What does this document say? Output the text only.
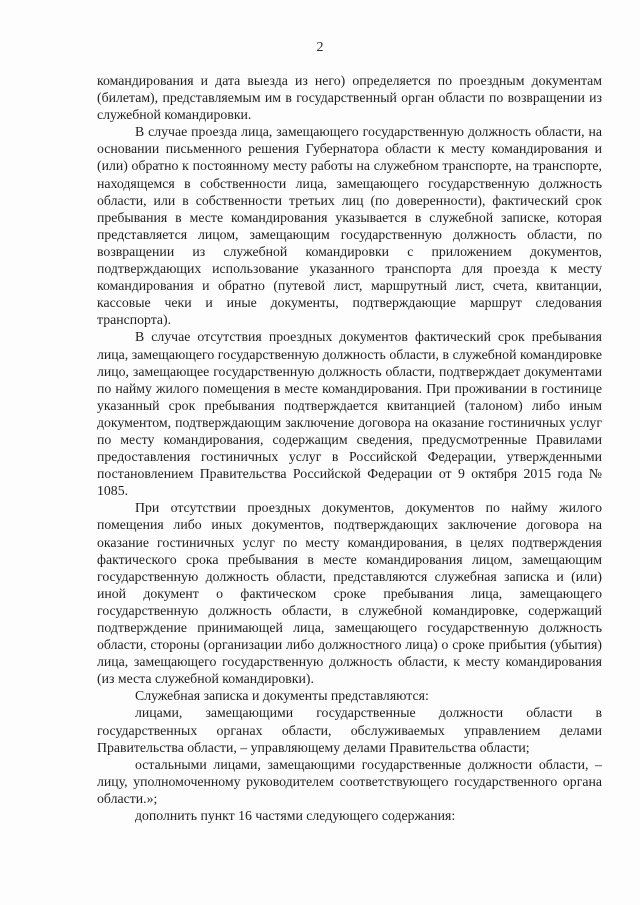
2

командирования и дата выезда из него) определяется по проездным документам (билетам), представляемым им в государственный орган области по возвращении из служебной командировки.

В случае проезда лица, замещающего государственную должность области, на основании письменного решения Губернатора области к месту командирования и (или) обратно к постоянному месту работы на служебном транспорте, на транспорте, находящемся в собственности лица, замещающего государственную должность области, или в собственности третьих лиц (по доверенности), фактический срок пребывания в месте командирования указывается в служебной записке, которая представляется лицом, замещающим государственную должность области, по возвращении из служебной командировки с приложением документов, подтверждающих использование указанного транспорта для проезда к месту командирования и обратно (путевой лист, маршрутный лист, счета, квитанции, кассовые чеки и иные документы, подтверждающие маршрут следования транспорта).

В случае отсутствия проездных документов фактический срок пребывания лица, замещающего государственную должность области, в служебной командировке лицо, замещающее государственную должность области, подтверждает документами по найму жилого помещения в месте командирования. При проживании в гостинице указанный срок пребывания подтверждается квитанцией (талоном) либо иным документом, подтверждающим заключение договора на оказание гостиничных услуг по месту командирования, содержащим сведения, предусмотренные Правилами предоставления гостиничных услуг в Российской Федерации, утвержденными постановлением Правительства Российской Федерации от 9 октября 2015 года № 1085.

При отсутствии проездных документов, документов по найму жилого помещения либо иных документов, подтверждающих заключение договора на оказание гостиничных услуг по месту командирования, в целях подтверждения фактического срока пребывания в месте командирования лицом, замещающим государственную должность области, представляются служебная записка и (или) иной документ о фактическом сроке пребывания лица, замещающего государственную должность области, в служебной командировке, содержащий подтверждение принимающей лица, замещающего государственную должность области, стороны (организации либо должностного лица) о сроке прибытия (убытия) лица, замещающего государственную должность области, к месту командирования (из места служебной командировки).

Служебная записка и документы представляются:

лицами, замещающими государственные должности области в государственных органах области, обслуживаемых управлением делами Правительства области, – управляющему делами Правительства области;

остальными лицами, замещающими государственные должности области, – лицу, уполномоченному руководителем соответствующего государственного органа области.»;

дополнить пункт 16 частями следующего содержания:
